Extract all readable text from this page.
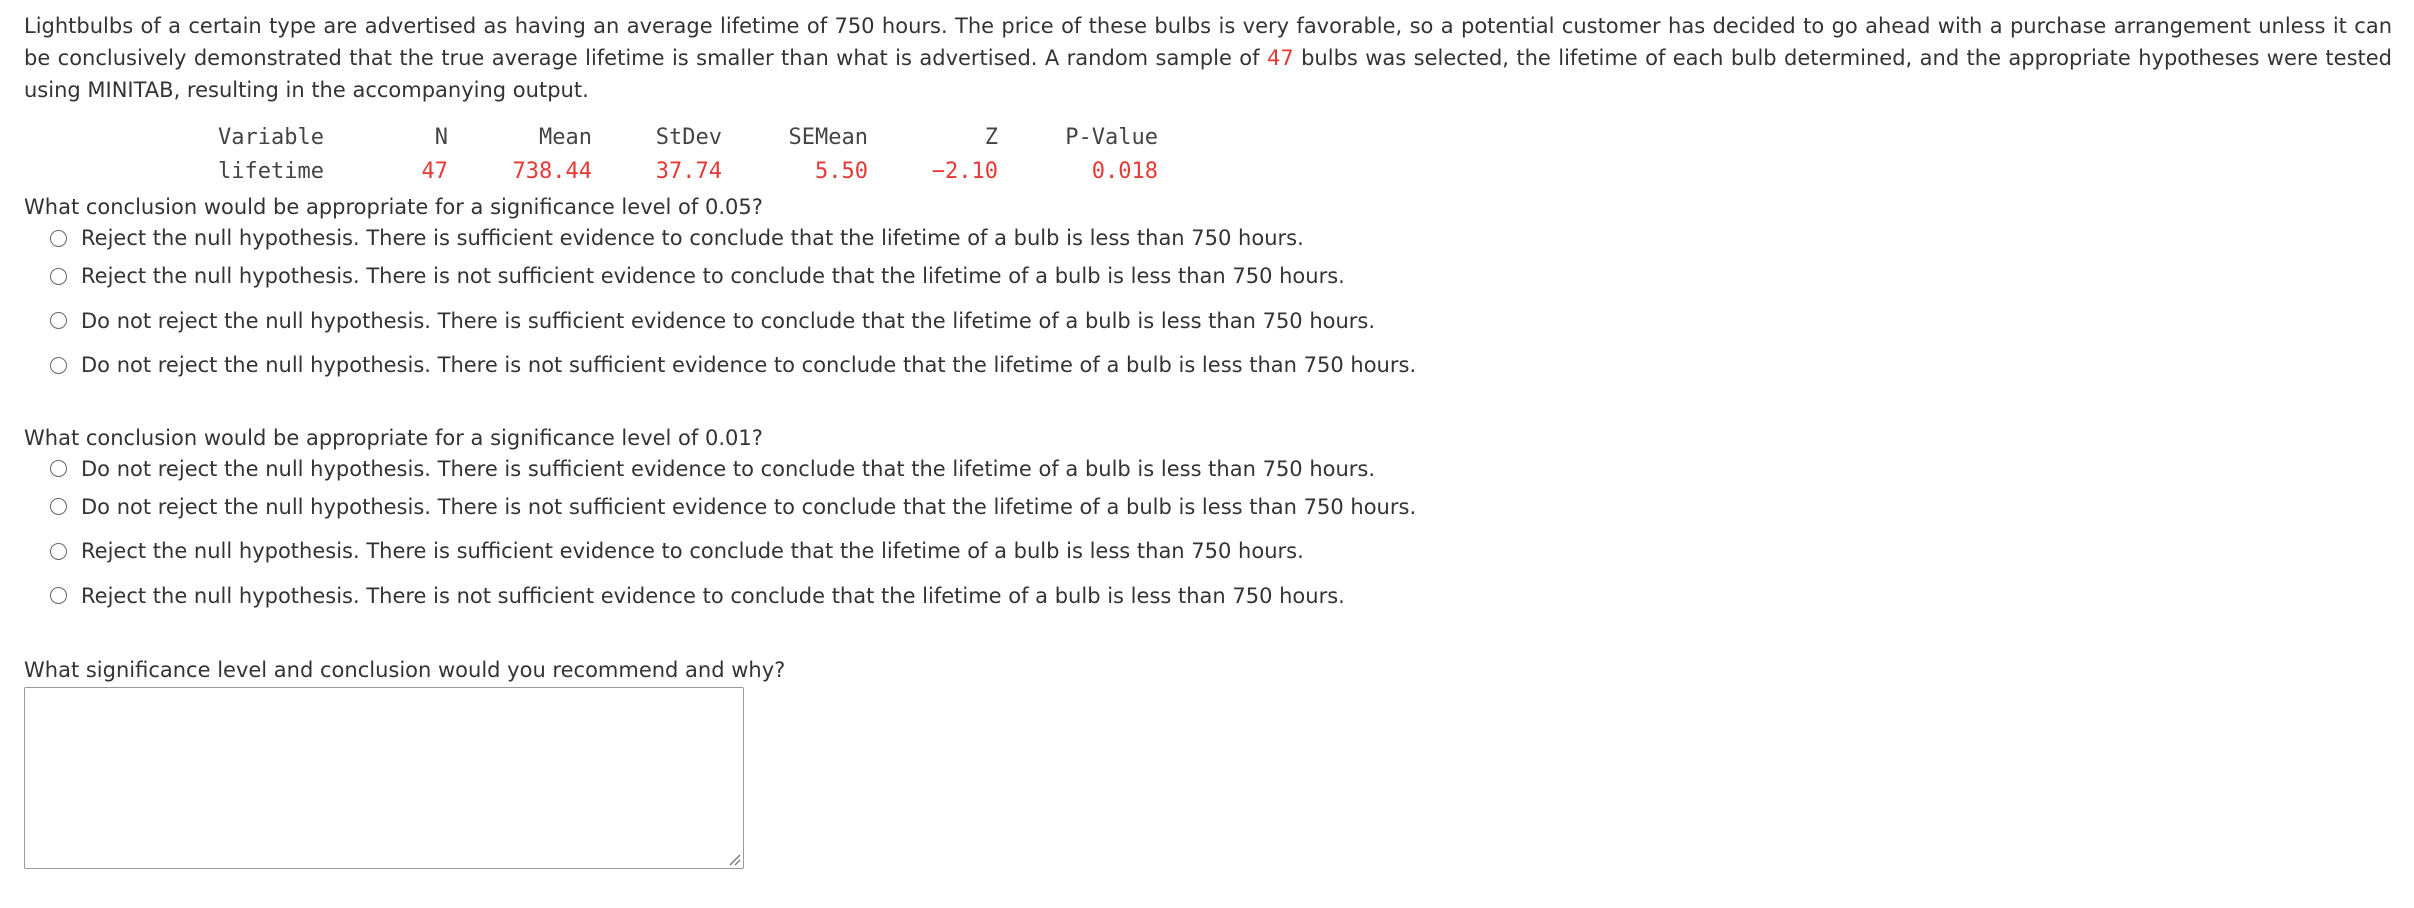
Lightbulbs of a certain type are advertised as having an average lifetime of 750 hours. The price of these bulbs is very favorable, so a potential customer has decided to go ahead with a purchase arrangement unless it can be conclusively demonstrated that the true average lifetime is smaller than what is advertised. A random sample of 47 bulbs was selected, the lifetime of each bulb determined, and the appropriate hypotheses were tested using MINITAB, resulting in the accompanying output.

Variable	N	Mean	StDev	SEMean	Z	P-Value
lifetime	47	738.44	37.74	5.50	−2.10	0.018

What conclusion would be appropriate for a significance level of 0.05?

Reject the null hypothesis. There is sufficient evidence to conclude that the lifetime of a bulb is less than 750 hours.
Reject the null hypothesis. There is not sufficient evidence to conclude that the lifetime of a bulb is less than 750 hours.
Do not reject the null hypothesis. There is sufficient evidence to conclude that the lifetime of a bulb is less than 750 hours.
Do not reject the null hypothesis. There is not sufficient evidence to conclude that the lifetime of a bulb is less than 750 hours.

What conclusion would be appropriate for a significance level of 0.01?

Do not reject the null hypothesis. There is sufficient evidence to conclude that the lifetime of a bulb is less than 750 hours.
Do not reject the null hypothesis. There is not sufficient evidence to conclude that the lifetime of a bulb is less than 750 hours.
Reject the null hypothesis. There is sufficient evidence to conclude that the lifetime of a bulb is less than 750 hours.
Reject the null hypothesis. There is not sufficient evidence to conclude that the lifetime of a bulb is less than 750 hours.

What significance level and conclusion would you recommend and why?
